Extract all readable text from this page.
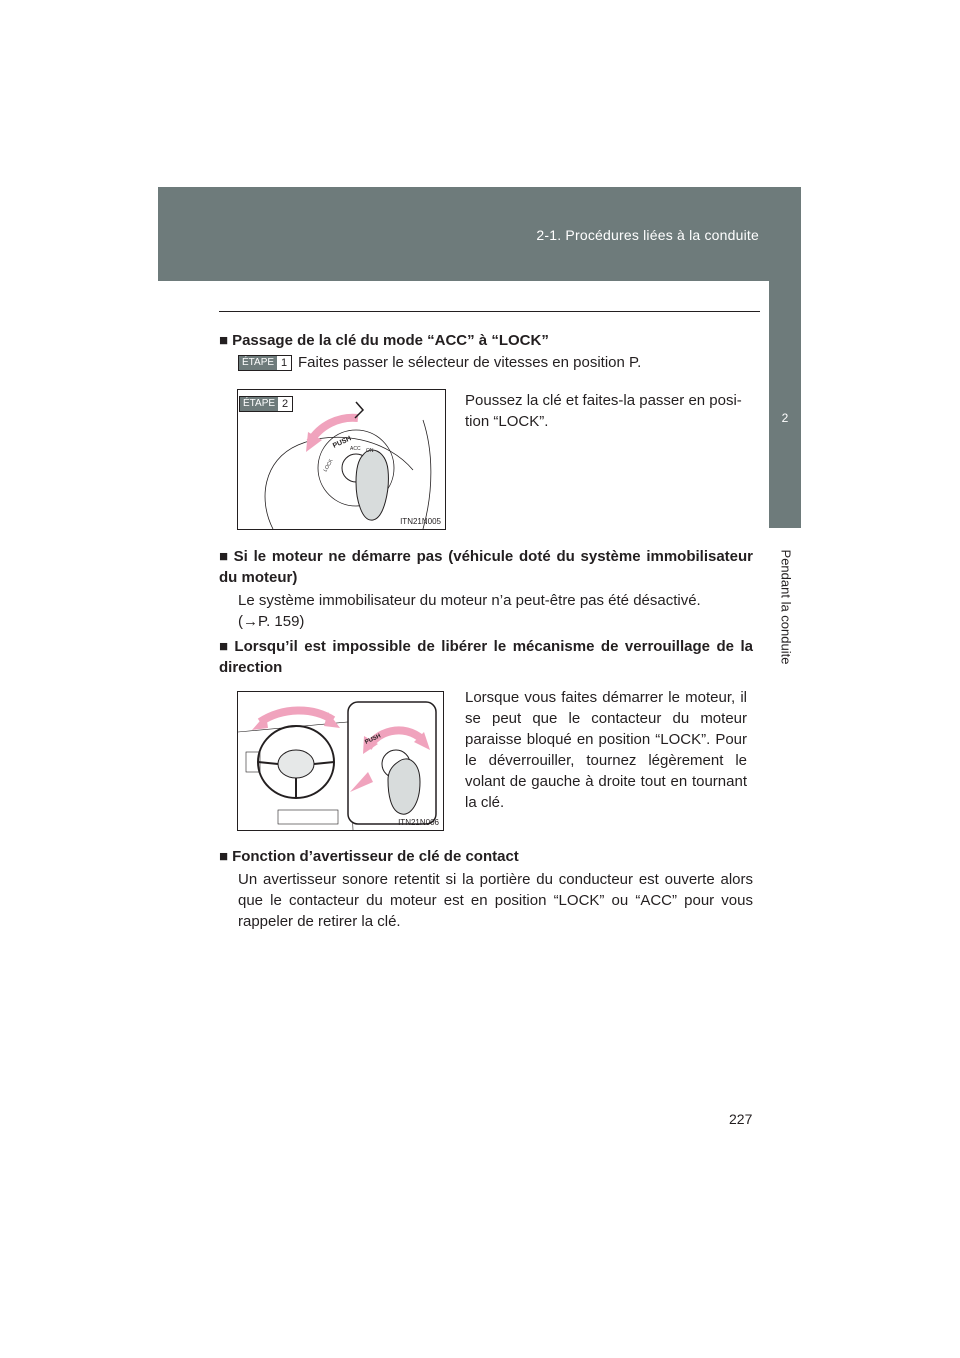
2-1. Procédures liées à la conduite
2
Pendant la conduite
■ Passage de la clé du mode “ACC” à “LOCK”
ÉTAPE 1 Faites passer le sélecteur de vitesses en position P.
PUSH
LOCK
ACC ON
ÉTAPE 2
ITN21N005
Poussez la clé et faites-la passer en posi-tion “LOCK”.
■ Si le moteur ne démarre pas (véhicule doté du système immobilisateur du moteur)
Le système immobilisateur du moteur n’a peut-être pas été désactivé.
(→P. 159)
■ Lorsqu’il est impossible de libérer le mécanisme de verrouillage de la direction
PUSH
ITN21N006
Lorsque vous faites démarrer le moteur, il se peut que le contacteur du moteur paraisse bloqué en position “LOCK”. Pour le déverrouiller, tournez légèrement le volant de gauche à droite tout en tournant la clé.
■ Fonction d’avertisseur de clé de contact
Un avertisseur sonore retentit si la portière du conducteur est ouverte alors que le contacteur du moteur est en position “LOCK” ou “ACC” pour vous rappeler de retirer la clé.
227
